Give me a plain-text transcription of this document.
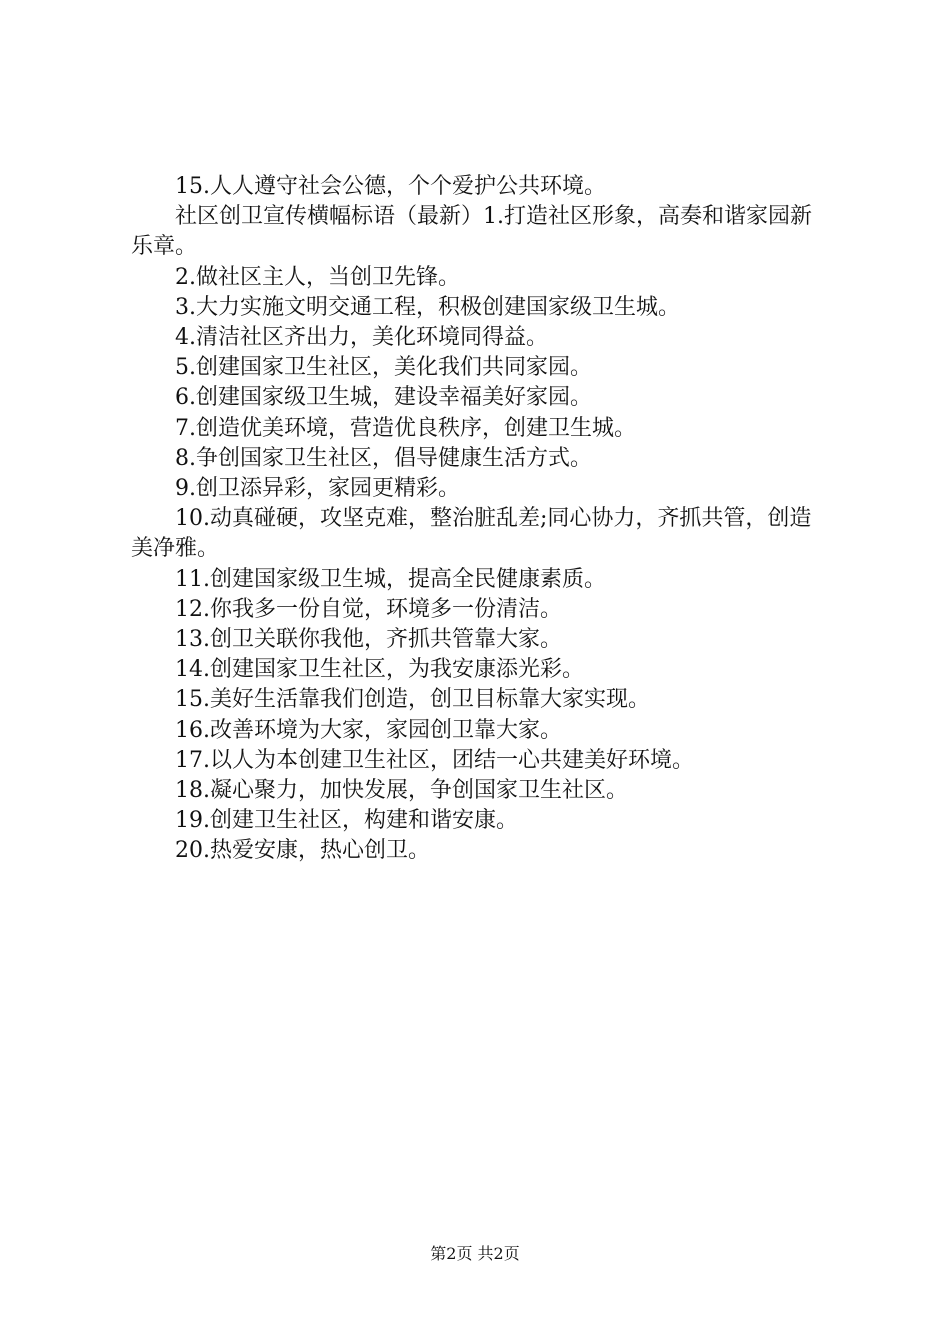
15.人人遵守社会公德，个个爱护公共环境。

社区创卫宣传横幅标语（最新）1.打造社区形象，高奏和谐家园新乐章。

2.做社区主人，当创卫先锋。

3.大力实施文明交通工程，积极创建国家级卫生城。

4.清洁社区齐出力，美化环境同得益。

5.创建国家卫生社区，美化我们共同家园。

6.创建国家级卫生城，建设幸福美好家园。

7.创造优美环境，营造优良秩序，创建卫生城。

8.争创国家卫生社区，倡导健康生活方式。

9.创卫添异彩，家园更精彩。

10.动真碰硬，攻坚克难，整治脏乱差;同心协力，齐抓共管，创造美净雅。

11.创建国家级卫生城，提高全民健康素质。

12.你我多一份自觉，环境多一份清洁。

13.创卫关联你我他，齐抓共管靠大家。

14.创建国家卫生社区，为我安康添光彩。

15.美好生活靠我们创造，创卫目标靠大家实现。

16.改善环境为大家，家园创卫靠大家。

17.以人为本创建卫生社区，团结一心共建美好环境。

18.凝心聚力，加快发展，争创国家卫生社区。

19.创建卫生社区，构建和谐安康。

20.热爱安康，热心创卫。

第2页 共2页
